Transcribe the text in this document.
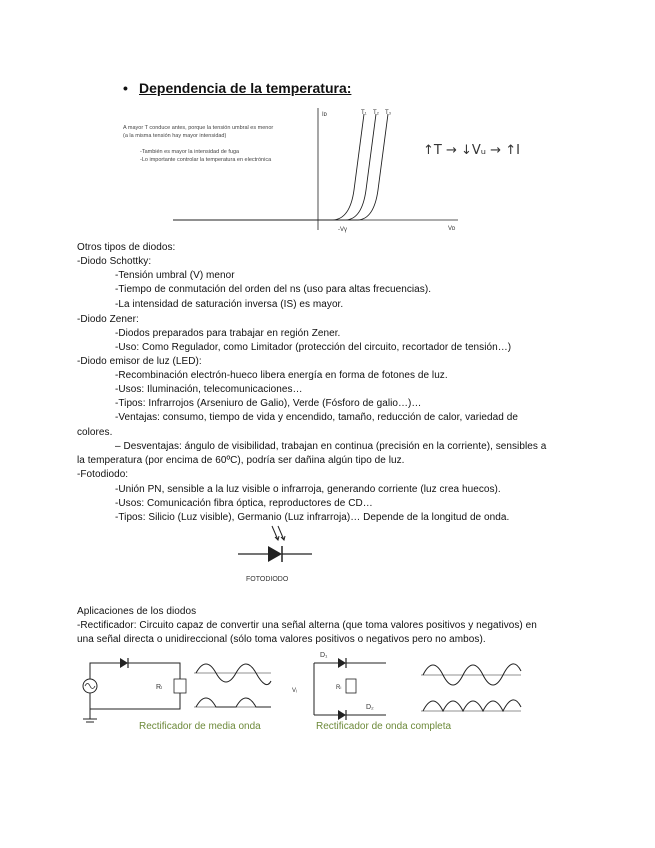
• Dependencia de la temperatura:
A mayor T conduce antes, porque la tensión umbral es menor
(a la misma tensión hay mayor intensidad)
-También es mayor la intensidad de fuga
-Lo importante controlar la temperatura en electrónica
Iᴅ
Vᴅ
-Vγ
T₁ T₂ T₃
↑T → ↓Vᵤ → ↑I
Otros tipos de diodos:
-Diodo Schottky:
-Tensión umbral (V) menor
-Tiempo de conmutación del orden del ns (uso para altas frecuencias).
-La intensidad de saturación inversa (IS) es mayor.
-Diodo Zener:
-Diodos preparados para trabajar en región Zener.
-Uso: Como Regulador, como Limitador (protección del circuito, recortador de tensión…)
-Diodo emisor de luz (LED):
-Recombinación electrón-hueco libera energía en forma de fotones de luz.
-Usos: Iluminación, telecomunicaciones…
-Tipos: Infrarrojos (Arseniuro de Galio), Verde (Fósforo de galio…)…
-Ventajas: consumo, tiempo de vida y encendido, tamaño, reducción de calor, variedad de
colores.
– Desventajas: ángulo de visibilidad, trabajan en continua (precisión en la corriente), sensibles a
la temperatura (por encima de 60ºC), podría ser dañina algún tipo de luz.
-Fotodiodo:
-Unión PN, sensible a la luz visible o infrarroja, generando corriente (luz crea huecos).
-Usos: Comunicación fibra óptica, reproductores de CD…
-Tipos: Silicio (Luz visible), Germanio (Luz infrarroja)… Depende de la longitud de onda.
FOTODIODO
Aplicaciones de los diodos
-Rectificador: Circuito capaz de convertir una señal alterna (que toma valores positivos y negativos) en
una señal directa o unidireccional (sólo toma valores positivos o negativos pero no ambos).
Rₗ
D₁
D₂
Rₗ
Vᵢ
Rectificador de media onda	Rectificador de onda completa
